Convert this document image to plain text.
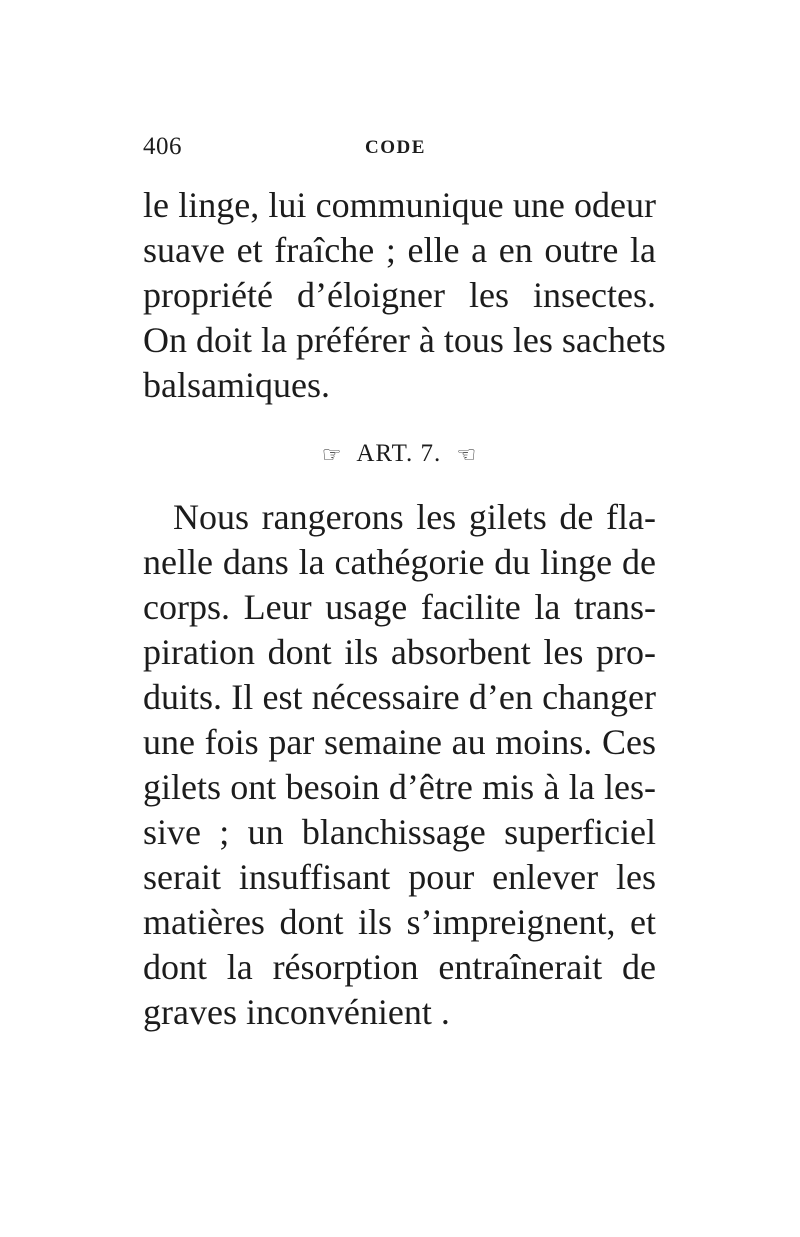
406	CODE
le linge, lui communique une odeur
suave et fraîche ; elle a en outre la
propriété d’éloigner les insectes.
On doit la préférer à tous les sachets
balsamiques.
☞ ART. 7. ☜
Nous rangerons les gilets de fla-
nelle dans la cathégorie du linge de
corps. Leur usage facilite la trans-
piration dont ils absorbent les pro-
duits. Il est nécessaire d’en changer
une fois par semaine au moins. Ces
gilets ont besoin d’être mis à la les-
sive ; un blanchissage superficiel
serait insuffisant pour enlever les
matières dont ils s’impreignent, et
dont la résorption entraînerait de
graves inconvénient .
